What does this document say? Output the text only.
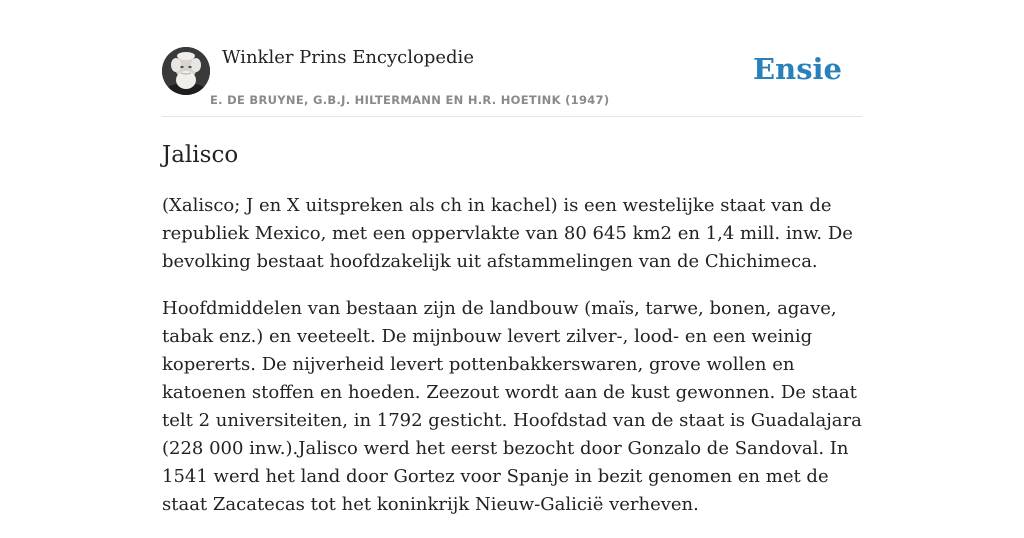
Winkler Prins Encyclopedie
E. DE BRUYNE, G.B.J. HILTERMANN EN H.R. HOETINK (1947)
Ensie
Jalisco

(Xalisco; J en X uitspreken als ch in kachel) is een westelijke staat van de republiek Mexico, met een oppervlakte van 80 645 km2 en 1,4 mill. inw. De bevolking bestaat hoofdzakelijk uit afstammelingen van de Chichimeca.

Hoofdmiddelen van bestaan zijn de landbouw (maïs, tarwe, bonen, agave, tabak enz.) en veeteelt. De mijnbouw levert zilver-, lood- en een weinig kopererts. De nijverheid levert pottenbakkerswaren, grove wollen en katoenen stoffen en hoeden. Zeezout wordt aan de kust gewonnen. De staat telt 2 universiteiten, in 1792 gesticht. Hoofdstad van de staat is Guadalajara (228 000 inw.).Jalisco werd het eerst bezocht door Gonzalo de Sandoval. In 1541 werd het land door Gortez voor Spanje in bezit genomen en met de staat Zacatecas tot het koninkrijk Nieuw-Galicië verheven.
